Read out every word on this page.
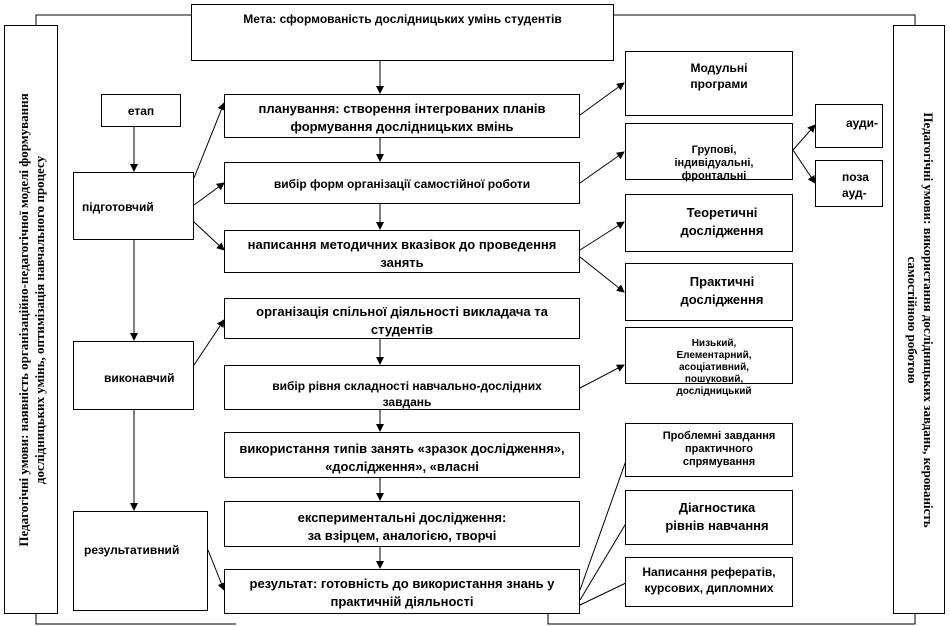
Педагогічні умови: наявність організаційно-педагогічної моделі формування дослідницьких умінь, оптимізація навчального процесу	Педагогічні умови: використання дослідницьких завдань, керованість
самостійною роботою
Мета: сформованість дослідницьких умінь студентів
етап
підготовчий
виконавчий
результативний
планування: створення інтегрованих планів формування дослідницьких вмінь
вибір форм організації самостійної роботи
написання методичних вказівок до проведення занять
організація спільної діяльності викладача та студентів
вибір рівня складності навчально-дослідних завдань
використання типів занять «зразок дослідження», «дослідження», «власні
експериментальні дослідження: за взірцем, аналогією, творчі
результат: готовність до використання знань у практичній діяльності
Модульні програми
Групові, індивідуальні, фронтальні
ауди-
поза ауд-
Теоретичні дослідження
Практичні дослідження
Низький, Елементарний, асоціативний, пошуковий, дослідницький
Проблемні завдання практичного спрямування
Діагностика рівнів навчання
Написання рефератів, курсових, дипломних
